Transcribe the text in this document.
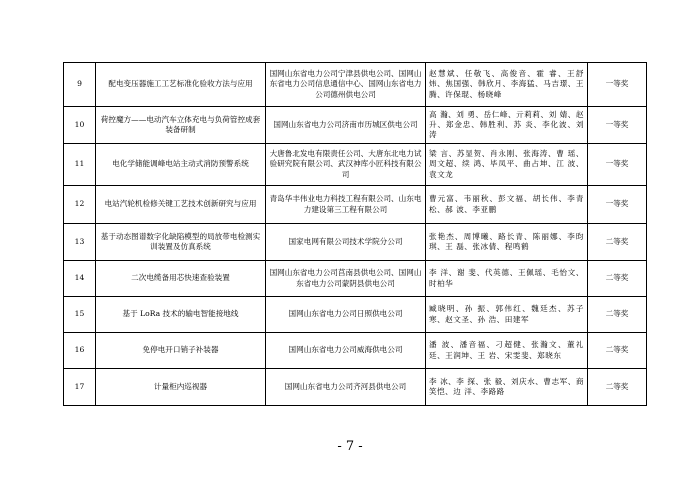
9	配电变压器施工工艺标准化验收方法与应用	国网山东省电力公司宁津县供电公司、国网山东省电力公司信息通信中心、国网山东省电力公司德州供电公司	赵慧斌、任敬飞、高俊音、霍 睿、王舒炜、焦国强、韩欣月、李海猛、马吉璟、王 腾、许保琨、杨晓峰	一等奖
10	荷控魔方——电动汽车立体充电与负荷管控成套装备研制	国网山东省电力公司济南市历城区供电公司	高 瀚、刘 勇、岳仁峰、亓莉莉、刘 婧、赵 升、郑金忠、韩胜利、苏 炎、李化波、刘 涛	一等奖
11	电化学储能调峰电站主动式消防预警系统	大唐鲁北发电有限责任公司、大唐东北电力试验研究院有限公司、武汉神库小匠科技有限公司	梁 言、苏显贺、肖永刚、张海涛、曹 瑶、周文超、续 鸿、毕凤平、曲占坤、江 波、袁文龙	一等奖
12	电站汽轮机检修关键工艺技术创新研究与应用	青岛华丰伟业电力科技工程有限公司、山东电力建设第三工程有限公司	曹元富、韦丽秋、彭文福、胡长伟、李青松、郝 波、李亚鹏	一等奖
13	基于动态图谱数字化缺陷模型的局放带电检测实训装置及仿真系统	国家电网有限公司技术学院分公司	张艳杰、周博曦、路长青、陈丽娜、李昀琪、王 磊、张冰倩、程鸣鹤	二等奖
14	二次电缆备用芯快速查验装置	国网山东省电力公司莒南县供电公司、国网山东省电力公司蒙阴县供电公司	李 洋、谢 斐、代英德、王佩瑶、毛怡文、时柏华	二等奖
15	基于 LoRa 技术的输电智能接地线	国网山东省电力公司日照供电公司	臧晓明、孙 振、郭伟红、魏廷杰、苏子寒、赵文圣、孙 浩、田建军	二等奖
16	免停电开口销子补装器	国网山东省电力公司威海供电公司	潘 波、潘音福、刁超健、张瀚文、董礼廷、王润坤、王 岩、宋雯斐、郑晓东	二等奖
17	计量柜内巡视器	国网山东省电力公司齐河县供电公司	李 冰、李 探、张 毅、刘庆水、曹志军、商笑恺、边 洋、李路路	二等奖
- 7 -
